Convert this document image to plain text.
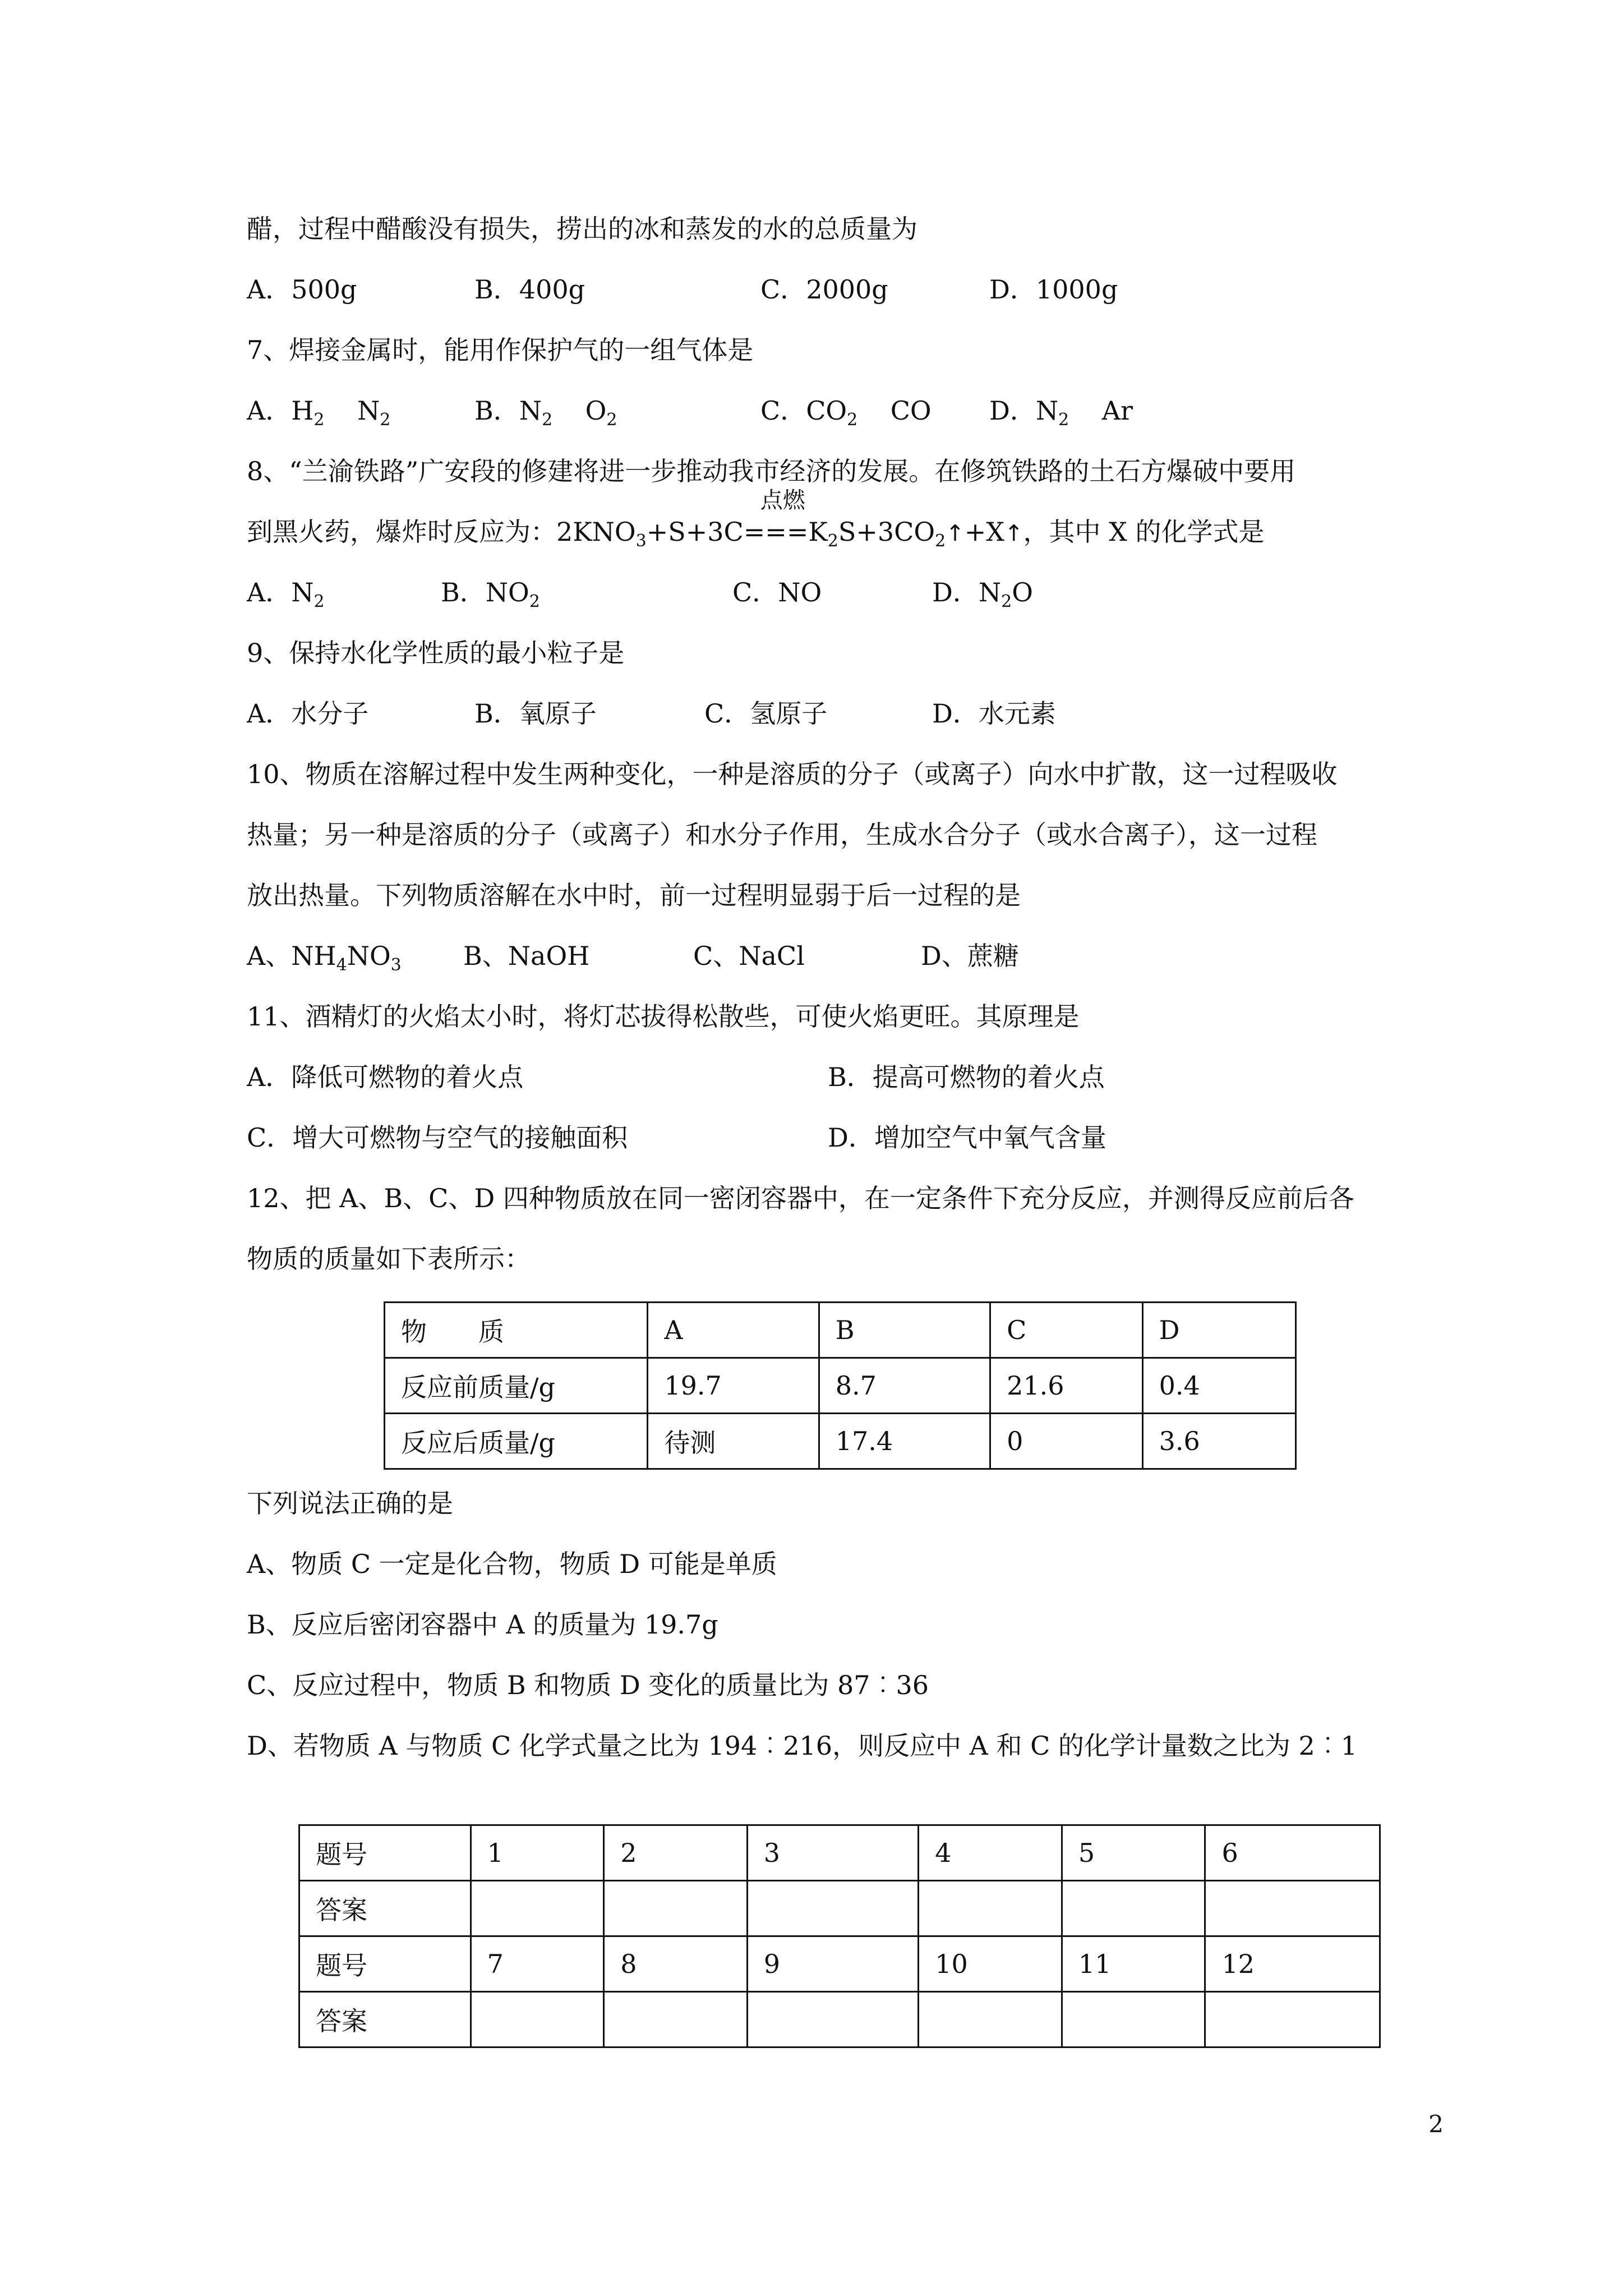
醋，过程中醋酸没有损失，捞出的冰和蒸发的水的总质量为
A．500g	B．400g	C．2000g	D．1000g
7、焊接金属时，能用作保护气的一组气体是
A．$H_2$ $N_2$	B．$N_2$ $O_2$	C．$CO_2$ CO D．$N_2$ Ar
8、“兰渝铁路”广安段的修建将进一步推动我市经济的发展。在修筑铁路的土石方爆破中要用
到黑火药，爆炸时反应为：$2KNO_3+S+3C$
点燃
$===K_2S+3CO_2↑+X↑$，其中 X 的化学式是
A．$N_2$	B．$NO_2$	C．NO	D．$N_2O$
9、保持水化学性质的最小粒子是
A．水分子	B．氧原子	C．氢原子	D．水元素
10、物质在溶解过程中发生两种变化，一种是溶质的分子（或离子）向水中扩散，这一过程吸收
热量；另一种是溶质的分子（或离子）和水分子作用，生成水合分子（或水合离子），这一过程
放出热量。下列物质溶解在水中时，前一过程明显弱于后一过程的是
A、$NH_4NO_3$ B、NaOH	C、NaCl	D、蔗糖
11、酒精灯的火焰太小时，将灯芯拔得松散些，可使火焰更旺。其原理是
A．降低可燃物的着火点	B．提高可燃物的着火点
C．增大可燃物与空气的接触面积	D．增加空气中氧气含量
12、把 A、B、C、D 四种物质放在同一密闭容器中，在一定条件下充分反应，并测得反应前后各
物质的质量如下表所示：
物　　质	A	B	C	D
反应前质量/g	19.7	8.7	21.6	0.4
反应后质量/g	待测	17.4	0	3.6
下列说法正确的是
A、物质 C 一定是化合物，物质 D 可能是单质
B、反应后密闭容器中 A 的质量为 19.7g
C、反应过程中，物质 B 和物质 D 变化的质量比为 87︰36
D、若物质 A 与物质 C 化学式量之比为 194︰216，则反应中 A 和 C 的化学计量数之比为 2︰1
题号	1	2	3	4	5	6
答案						
题号	7	8	9	10	11	12
答案						
2
